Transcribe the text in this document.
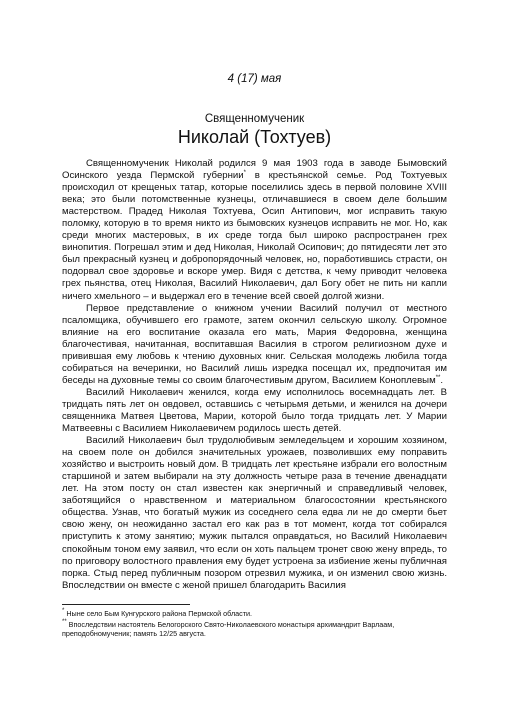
4 (17) мая
Священномученик
Николай (Тохтуев)

Священномученик Николай родился 9 мая 1903 года в заводе Бымовский Осинского уезда Пермской губернии* в крестьянской семье. Род Тохтуевых происходил от крещеных татар, которые поселились здесь в первой половине XVIII века; это были потомственные кузнецы, отличавшиеся в своем деле большим мастерством. Прадед Николая Тохтуева, Осип Антипович, мог исправить такую поломку, которую в то время никто из бымовских кузнецов исправить не мог. Но, как среди многих мастеровых, в их среде тогда был широко распространен грех винопития. Погрешал этим и дед Николая, Николай Осипович; до пятидесяти лет это был прекрасный кузнец и добропорядочный человек, но, поработившись страсти, он подорвал свое здоровье и вскоре умер. Видя с детства, к чему приводит человека грех пьянства, отец Николая, Василий Николаевич, дал Богу обет не пить ни капли ничего хмельного – и выдержал его в течение всей своей долгой жизни.

Первое представление о книжном учении Василий получил от местного псаломщика, обучившего его грамоте, затем окончил сельскую школу. Огромное влияние на его воспитание оказала его мать, Мария Федоровна, женщина благочестивая, начитанная, воспитавшая Василия в строгом религиозном духе и привившая ему любовь к чтению духовных книг. Сельская молодежь любила тогда собираться на вечеринки, но Василий лишь изредка посещал их, предпочитая им беседы на духовные темы со своим благочестивым другом, Василием Коноплевым**.

Василий Николаевич женился, когда ему исполнилось восемнадцать лет. В тридцать пять лет он овдовел, оставшись с четырьмя детьми, и женился на дочери священника Матвея Цветова, Марии, которой было тогда тридцать лет. У Марии Матвеевны с Василием Николаевичем родилось шесть детей.

Василий Николаевич был трудолюбивым земледельцем и хорошим хозяином, на своем поле он добился значительных урожаев, позволивших ему поправить хозяйство и выстроить новый дом. В тридцать лет крестьяне избрали его волостным старшиной и затем выбирали на эту должность четыре раза в течение двенадцати лет. На этом посту он стал известен как энергичный и справедливый человек, заботящийся о нравственном и материальном благосостоянии крестьянского общества. Узнав, что богатый мужик из соседнего села едва ли не до смерти бьет свою жену, он неожиданно застал его как раз в тот момент, когда тот собирался приступить к этому занятию; мужик пытался оправдаться, но Василий Николаевич спокойным тоном ему заявил, что если он хоть пальцем тронет свою жену впредь, то по приговору волостного правления ему будет устроена за избиение жены публичная порка. Стыд перед публичным позором отрезвил мужика, и он изменил свою жизнь. Впоследствии он вместе с женой пришел благодарить Василия

* Ныне село Бым Кунгурского района Пермской области.

** Впоследствии настоятель Белогорского Свято-Николаевского монастыря архимандрит Варлаам, преподобномученик; память 12/25 августа.
